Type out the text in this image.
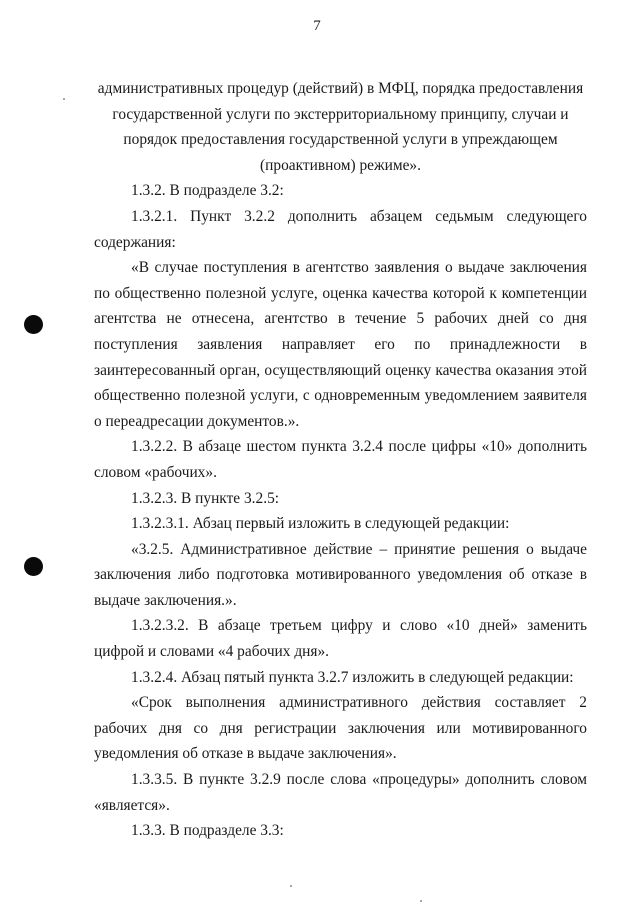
7

административных процедур (действий) в МФЦ, порядка предоставления государственной услуги по экстерриториальному принципу, случаи и порядок предоставления государственной услуги в упреждающем (проактивном) режиме».

1.3.2. В подразделе 3.2:

1.3.2.1. Пункт 3.2.2 дополнить абзацем седьмым следующего содержания:

«В случае поступления в агентство заявления о выдаче заключения по общественно полезной услуге, оценка качества которой к компетенции агентства не отнесена, агентство в течение 5 рабочих дней со дня поступления заявления направляет его по принадлежности в заинтересованный орган, осуществляющий оценку качества оказания этой общественно полезной услуги, с одновременным уведомлением заявителя о переадресации документов.».

1.3.2.2. В абзаце шестом пункта 3.2.4 после цифры «10» дополнить словом «рабочих».

1.3.2.3. В пункте 3.2.5:

1.3.2.3.1. Абзац первый изложить в следующей редакции:

«3.2.5. Административное действие – принятие решения о выдаче заключения либо подготовка мотивированного уведомления об отказе в выдаче заключения.».

1.3.2.3.2. В абзаце третьем цифру и слово «10 дней» заменить цифрой и словами «4 рабочих дня».

1.3.2.4. Абзац пятый пункта 3.2.7 изложить в следующей редакции:

«Срок выполнения административного действия составляет 2 рабочих дня со дня регистрации заключения или мотивированного уведомления об отказе в выдаче заключения».

1.3.3.5. В пункте 3.2.9 после слова «процедуры» дополнить словом «является».

1.3.3. В подразделе 3.3:
